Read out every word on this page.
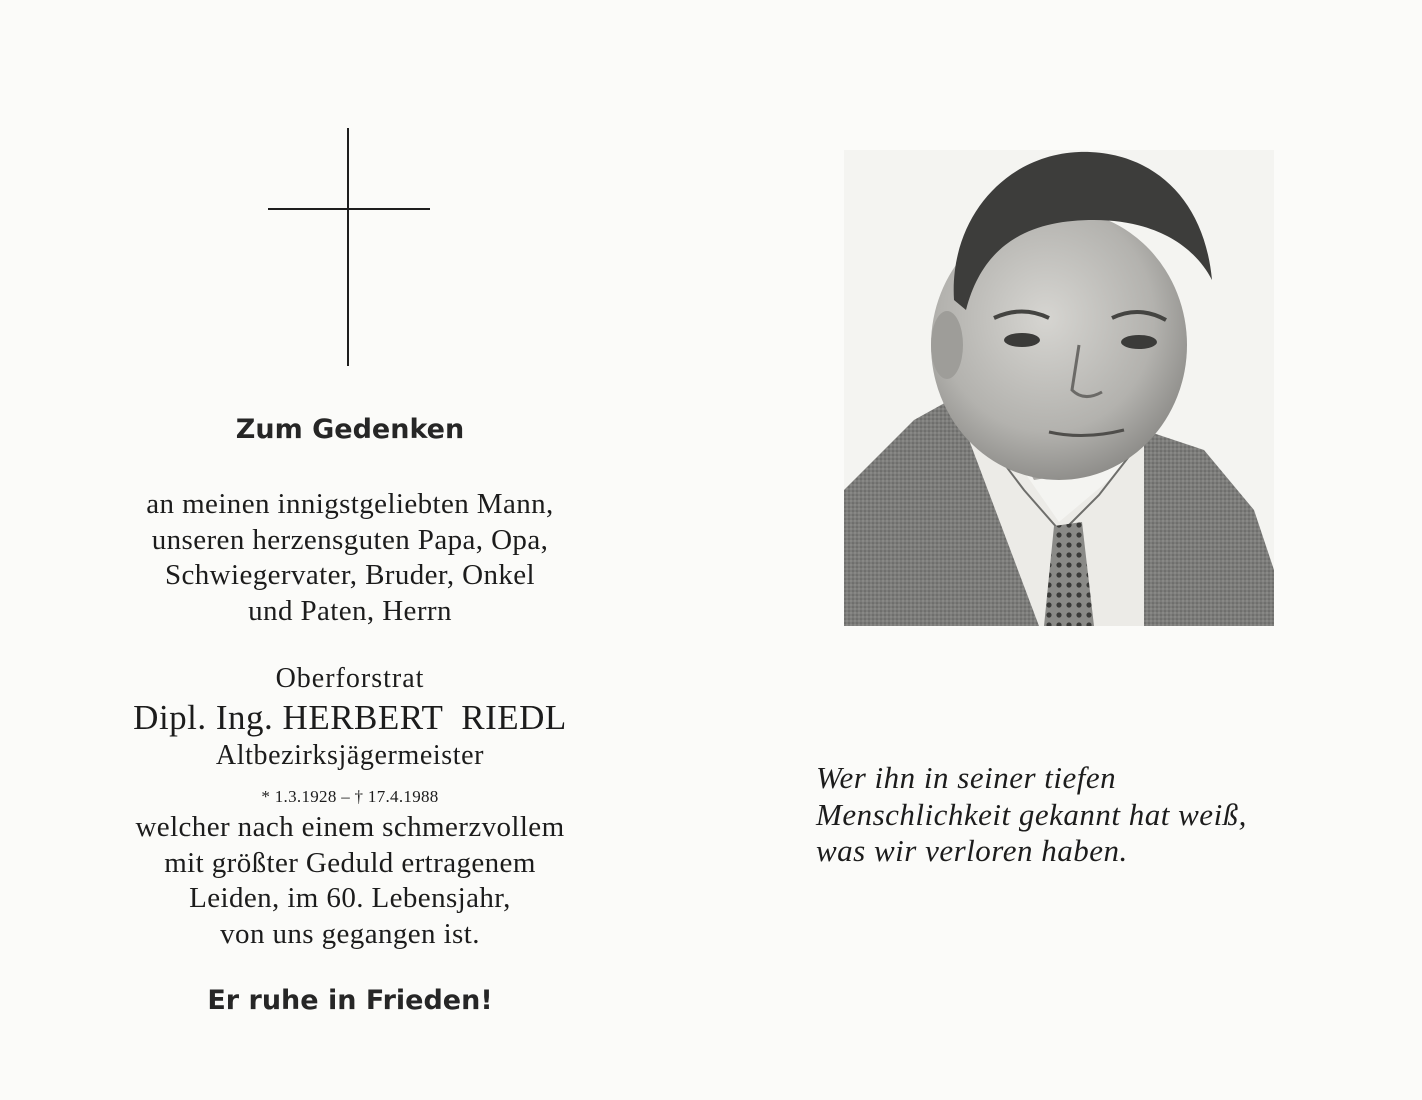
Zum Gedenken
an meinen innigstgeliebten Mann,
unseren herzensguten Papa, Opa,
Schwiegervater, Bruder, Onkel
und Paten, Herrn
Oberforstrat
Dipl. Ing. HERBERT  RIEDL
Altbezirksjägermeister
* 1.3.1928 – † 17.4.1988
welcher nach einem schmerzvollem
mit größter Geduld ertragenem
Leiden, im 60. Lebensjahr,
von uns gegangen ist.
Er ruhe in Frieden!
Wer ihn in seiner tiefen
Menschlichkeit gekannt hat weiß,
was wir verloren haben.
